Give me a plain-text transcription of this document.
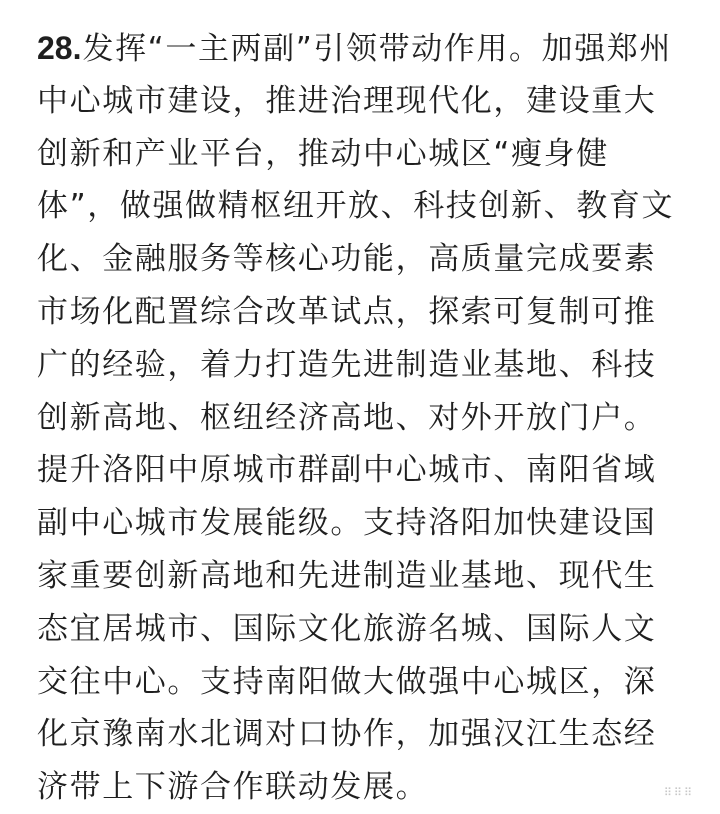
28.发挥“一主两副”引领带动作用。加强郑州
中心城市建设，推进治理现代化，建设重大
创新和产业平台，推动中心城区“瘦身健
体”，做强做精枢纽开放、科技创新、教育文
化、金融服务等核心功能，高质量完成要素
市场化配置综合改革试点，探索可复制可推
广的经验，着力打造先进制造业基地、科技
创新高地、枢纽经济高地、对外开放门户。
提升洛阳中原城市群副中心城市、南阳省域
副中心城市发展能级。支持洛阳加快建设国
家重要创新高地和先进制造业基地、现代生
态宜居城市、国际文化旅游名城、国际人文
交往中心。支持南阳做大做强中心城区，深
化京豫南水北调对口协作，加强汉江生态经
济带上下游合作联动发展。	⠿⠿⠿
